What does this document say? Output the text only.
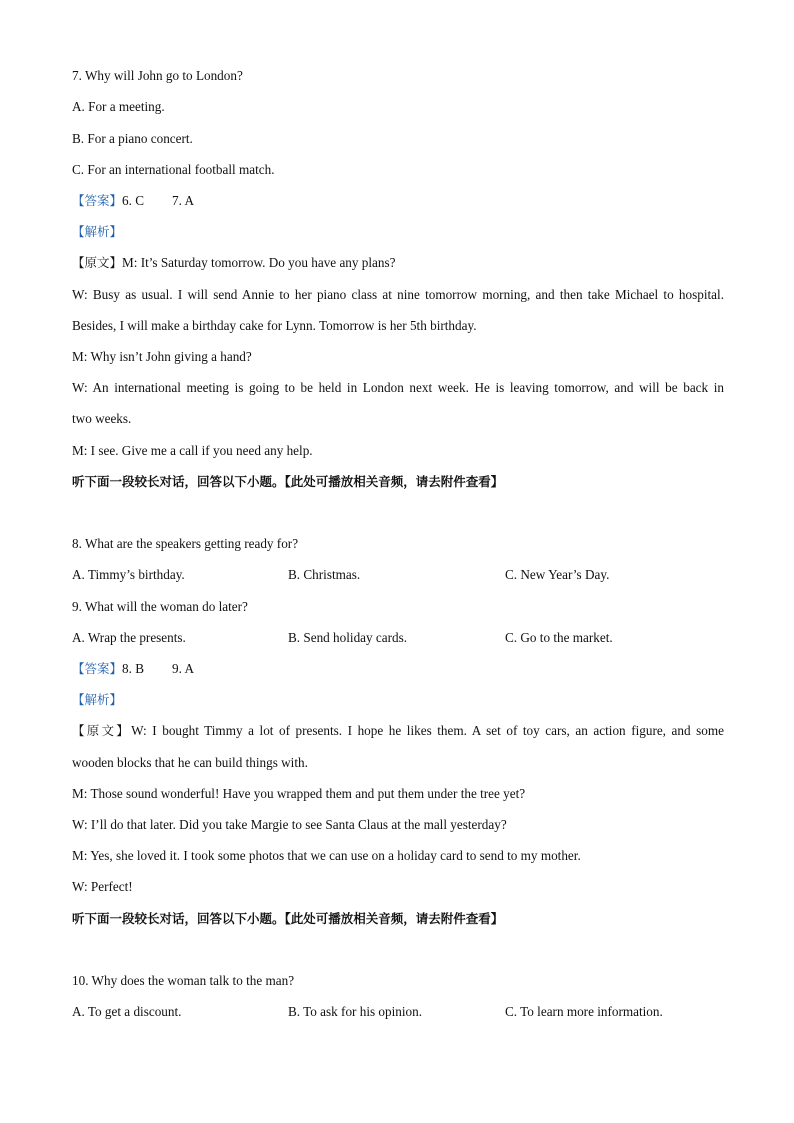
7. Why will John go to London?
A. For a meeting.
B. For a piano concert.
C. For an international football match.
【答案】6. C 7. A
【解析】
【原文】M: It’s Saturday tomorrow. Do you have any plans?
W: Busy as usual. I will send Annie to her piano class at nine tomorrow morning, and then take Michael to hospital.
Besides, I will make a birthday cake for Lynn. Tomorrow is her 5th birthday.
M: Why isn’t John giving a hand?
W: An international meeting is going to be held in London next week. He is leaving tomorrow, and will be back in
two weeks.
M: I see. Give me a call if you need any help.
听下面一段较长对话，回答以下小题。【此处可播放相关音频，请去附件查看】
8. What are the speakers getting ready for?
A. Timmy’s birthday.	B. Christmas.	C. New Year’s Day.
9. What will the woman do later?
A. Wrap the presents.	B. Send holiday cards.	C. Go to the market.
【答案】8. B 9. A
【解析】
【原文】W: I bought Timmy a lot of presents. I hope he likes them. A set of toy cars, an action figure, and some
wooden blocks that he can build things with.
M: Those sound wonderful! Have you wrapped them and put them under the tree yet?
W: I’ll do that later. Did you take Margie to see Santa Claus at the mall yesterday?
M: Yes, she loved it. I took some photos that we can use on a holiday card to send to my mother.
W: Perfect!
听下面一段较长对话，回答以下小题。【此处可播放相关音频，请去附件查看】
10. Why does the woman talk to the man?
A. To get a discount.	B. To ask for his opinion.	C. To learn more information.
